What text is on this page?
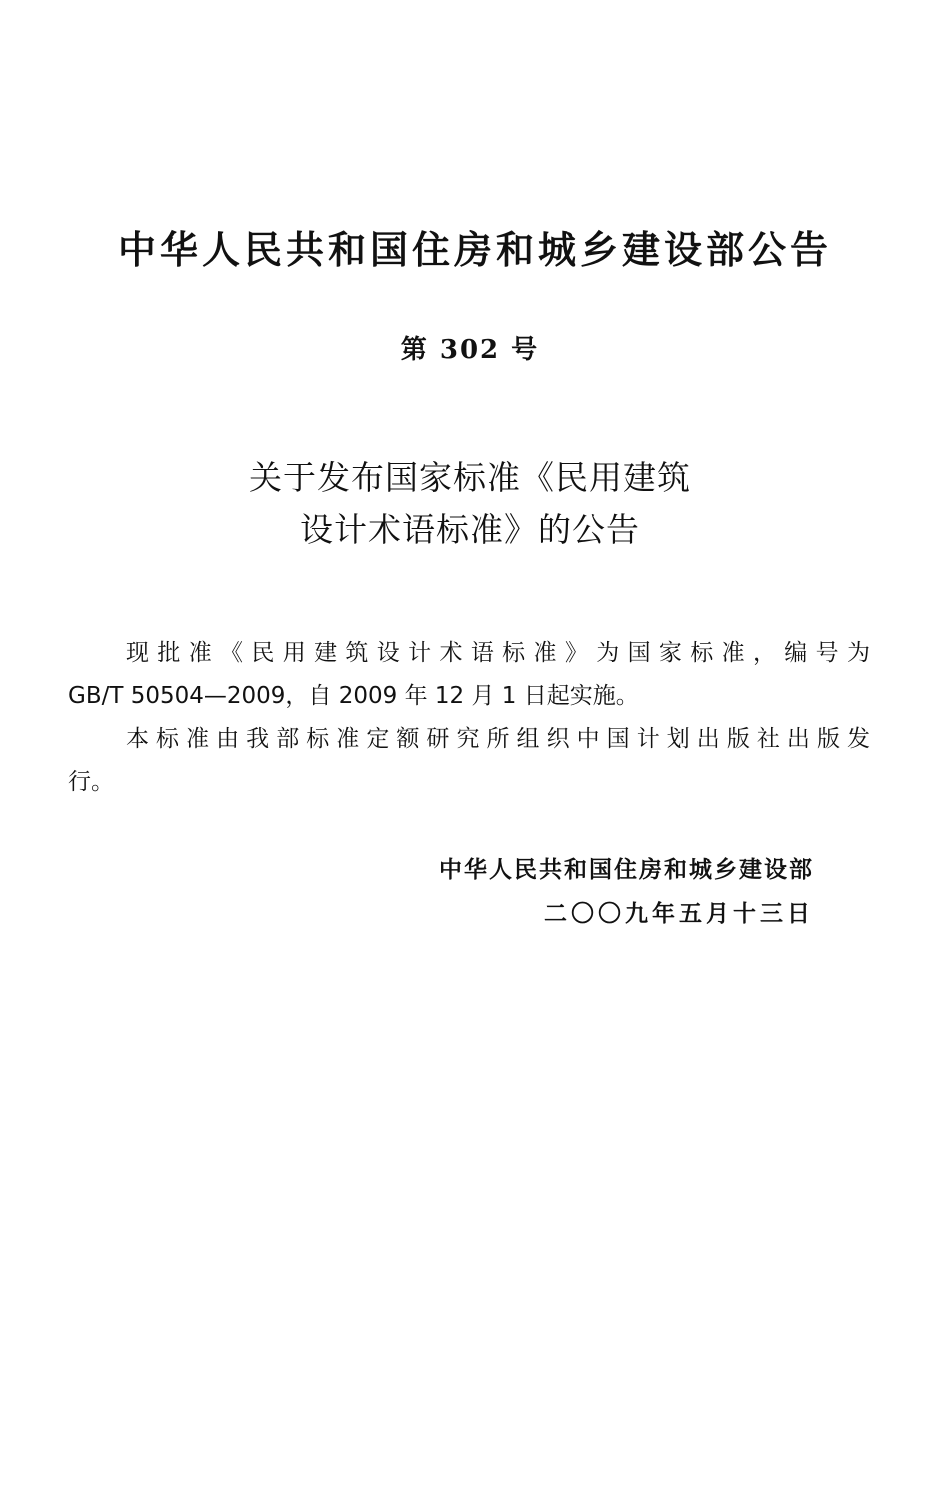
中华人民共和国住房和城乡建设部公告
第 302 号
关于发布国家标准《民用建筑
设计术语标准》的公告
现批准《民用建筑设计术语标准》为国家标准，编号为
GB/T 50504—2009，自 2009 年 12 月 1 日起实施。
本标准由我部标准定额研究所组织中国计划出版社出版发
行。
中华人民共和国住房和城乡建设部
二〇〇九年五月十三日
